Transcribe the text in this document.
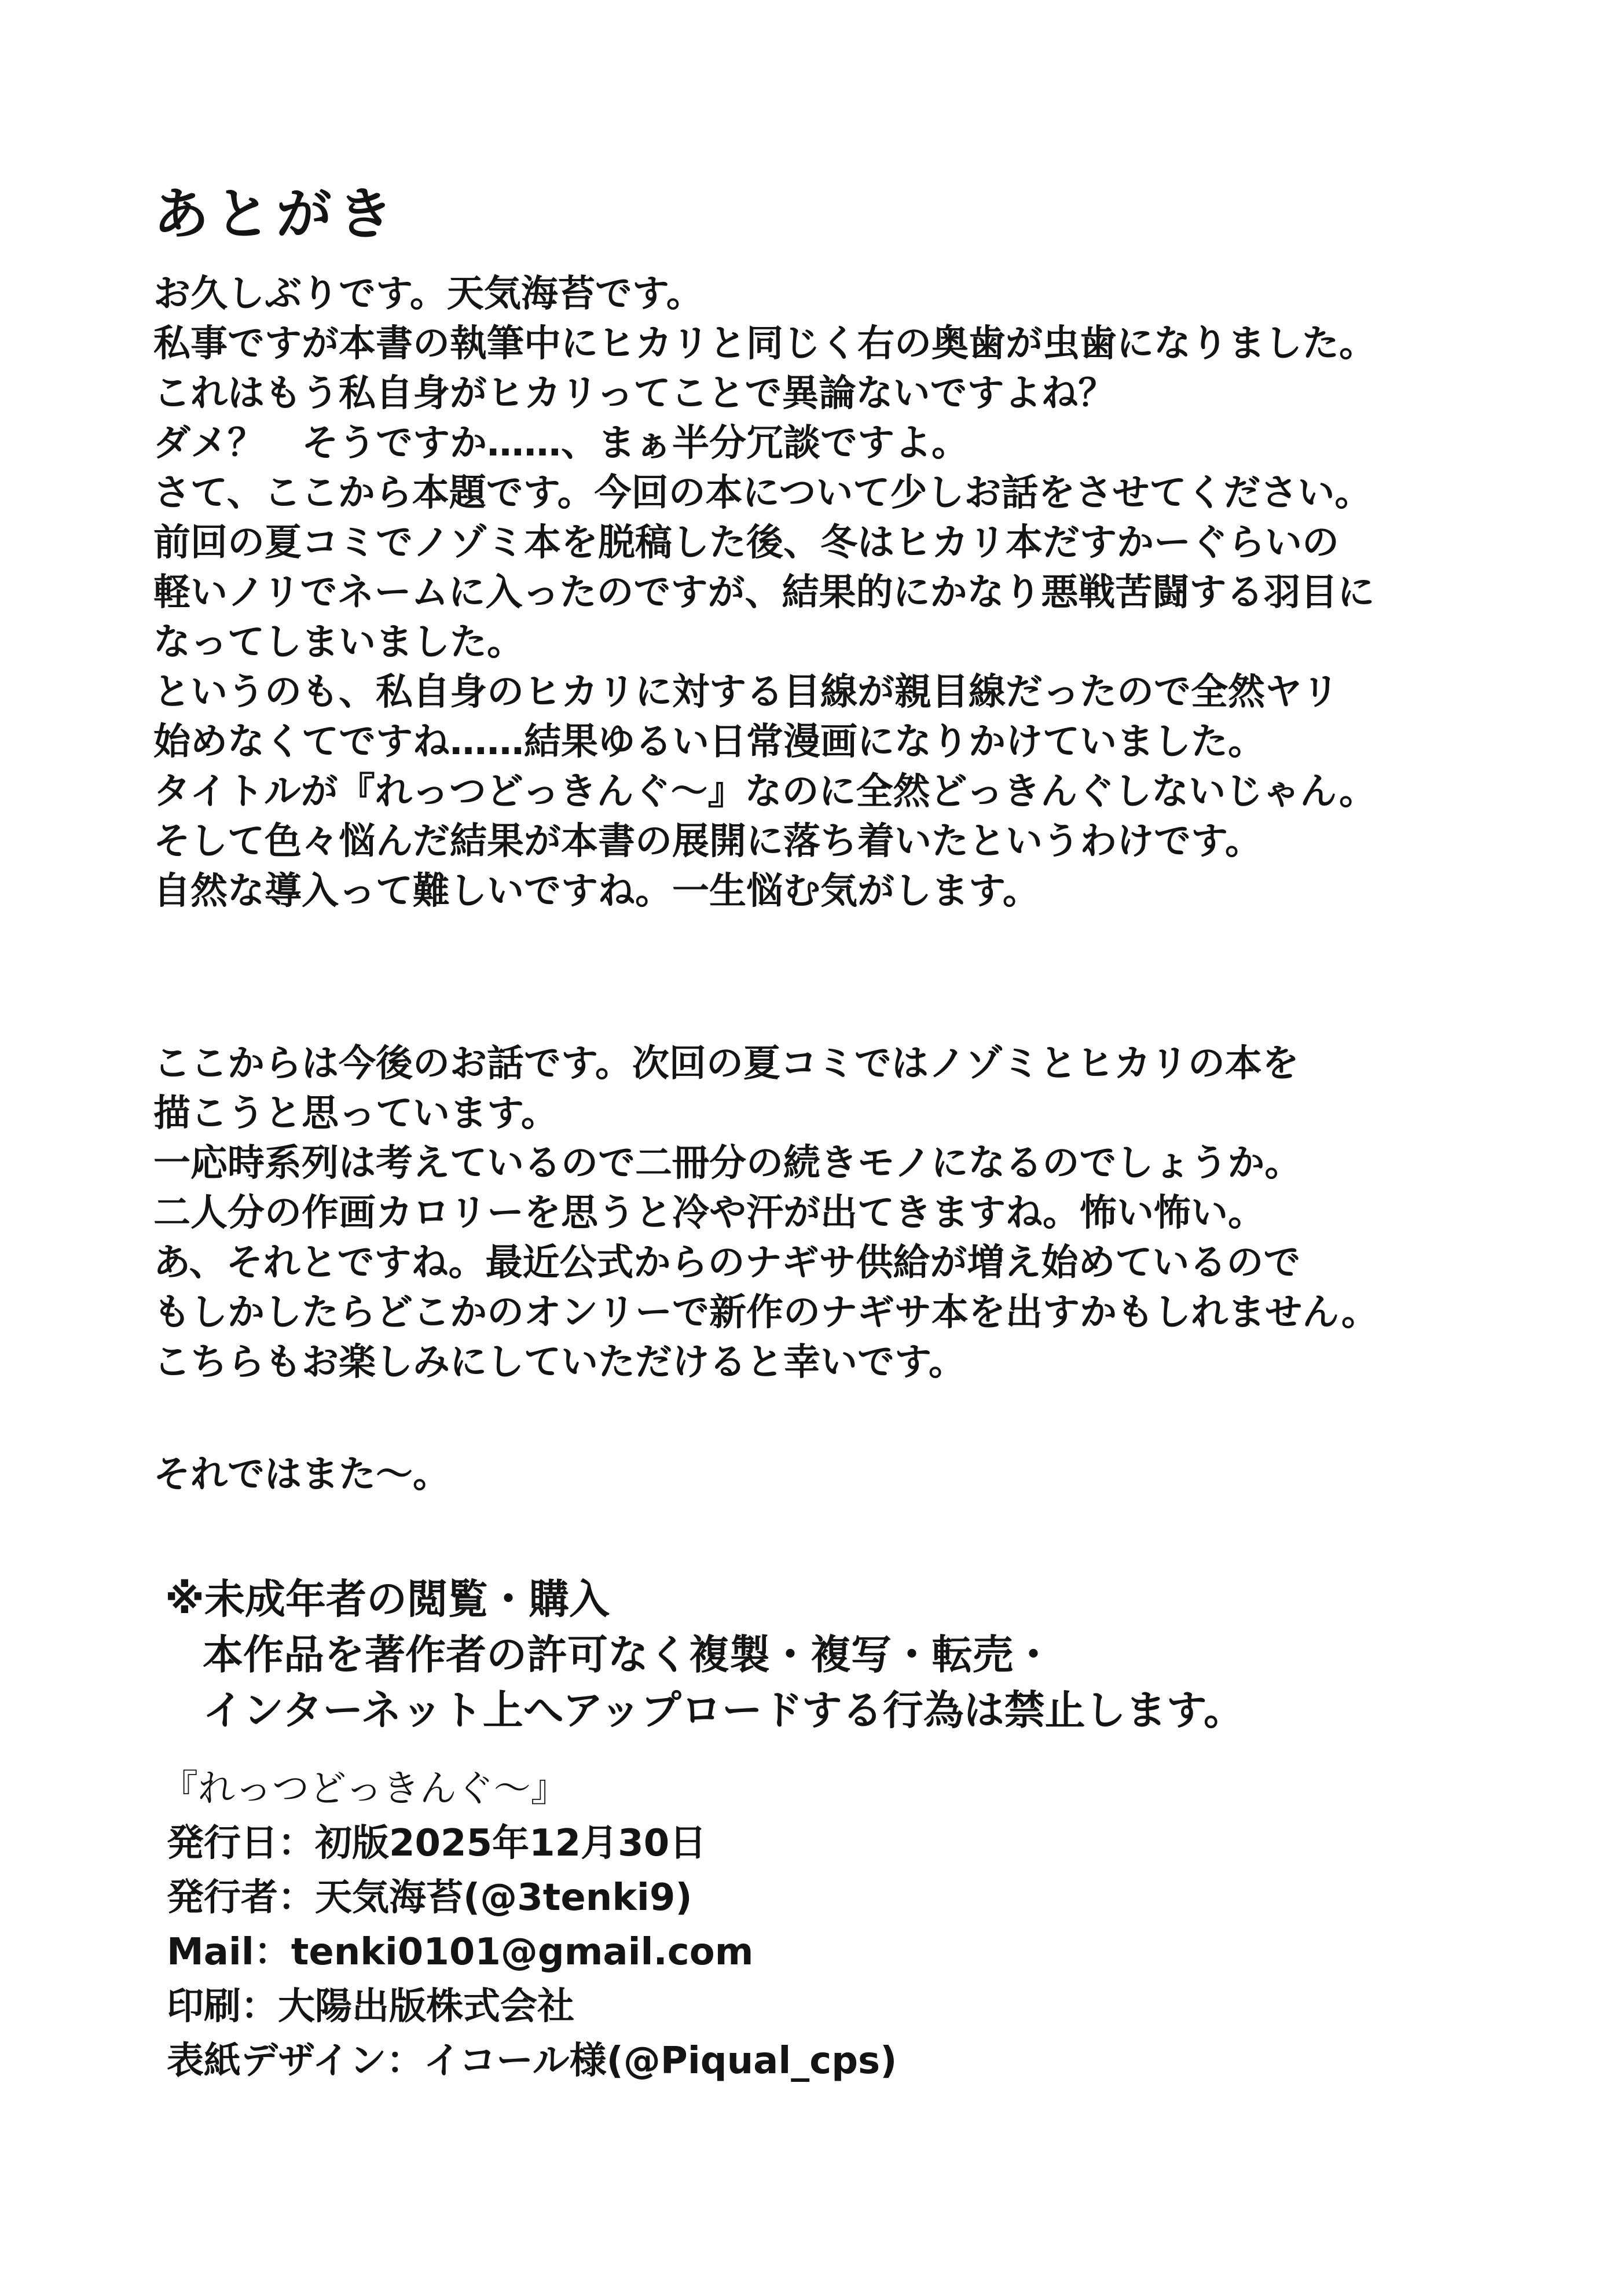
あとがき
お久しぶりです。天気海苔です。
私事ですが本書の執筆中にヒカリと同じく右の奥歯が虫歯になりました。
これはもう私自身がヒカリってことで異論ないですよね？
ダメ？　そうですか……、まぁ半分冗談ですよ。
さて、ここから本題です。今回の本について少しお話をさせてください。
前回の夏コミでノゾミ本を脱稿した後、冬はヒカリ本だすかーぐらいの
軽いノリでネームに入ったのですが、結果的にかなり悪戦苦闘する羽目に
なってしまいました。
というのも、私自身のヒカリに対する目線が親目線だったので全然ヤリ
始めなくてですね……結果ゆるい日常漫画になりかけていました。
タイトルが『れっつどっきんぐ～』なのに全然どっきんぐしないじゃん。
そして色々悩んだ結果が本書の展開に落ち着いたというわけです。
自然な導入って難しいですね。一生悩む気がします。
ここからは今後のお話です。次回の夏コミではノゾミとヒカリの本を
描こうと思っています。
一応時系列は考えているので二冊分の続きモノになるのでしょうか。
二人分の作画カロリーを思うと冷や汗が出てきますね。怖い怖い。
あ、それとですね。最近公式からのナギサ供給が増え始めているので
もしかしたらどこかのオンリーで新作のナギサ本を出すかもしれません。
こちらもお楽しみにしていただけると幸いです。
それではまた～。
※未成年者の閲覧・購入
本作品を著作者の許可なく複製・複写・転売・
インターネット上へアップロードする行為は禁止します。
『れっつどっきんぐ～』
発行日：初版2025年12月30日
発行者：天気海苔(@3tenki9)
Mail：tenki0101@gmail.com
印刷：大陽出版株式会社
表紙デザイン：イコール様(@Piqual_cps)
